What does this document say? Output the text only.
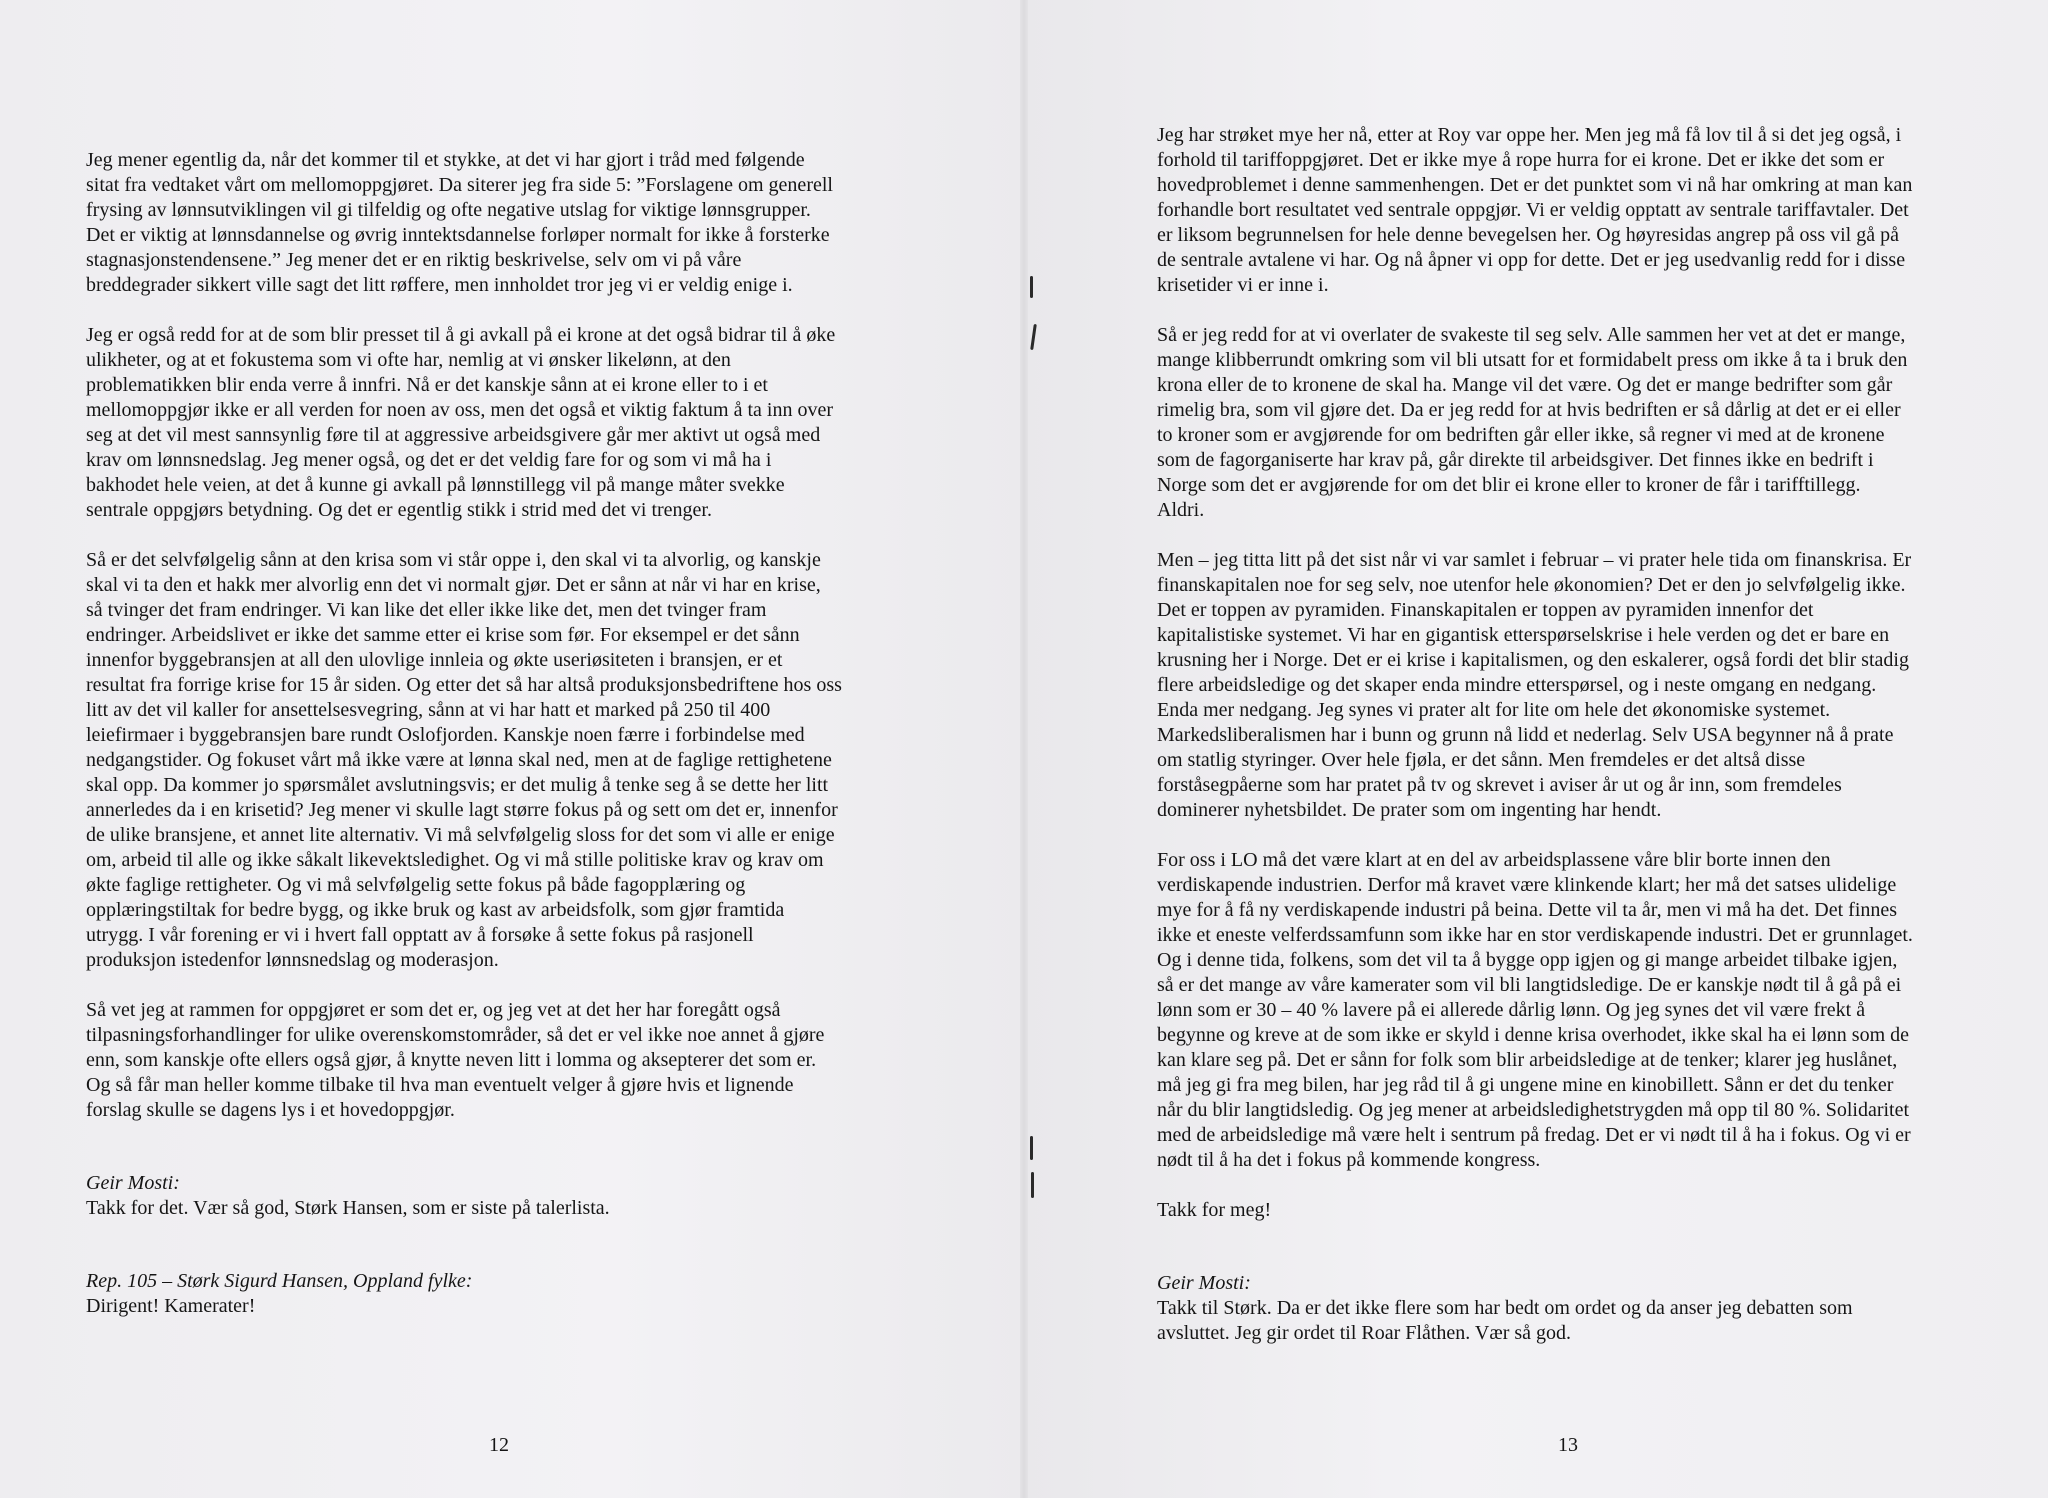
Jeg mener egentlig da, når det kommer til et stykke, at det vi har gjort i tråd med følgende
sitat fra vedtaket vårt om mellomoppgjøret. Da siterer jeg fra side 5: ”Forslagene om generell
frysing av lønnsutviklingen vil gi tilfeldig og ofte negative utslag for viktige lønnsgrupper.
Det er viktig at lønnsdannelse og øvrig inntektsdannelse forløper normalt for ikke å forsterke
stagnasjonstendensene.” Jeg mener det er en riktig beskrivelse, selv om vi på våre
breddegrader sikkert ville sagt det litt røffere, men innholdet tror jeg vi er veldig enige i.
Jeg er også redd for at de som blir presset til å gi avkall på ei krone at det også bidrar til å øke
ulikheter, og at et fokustema som vi ofte har, nemlig at vi ønsker likelønn, at den
problematikken blir enda verre å innfri. Nå er det kanskje sånn at ei krone eller to i et
mellomoppgjør ikke er all verden for noen av oss, men det også et viktig faktum å ta inn over
seg at det vil mest sannsynlig føre til at aggressive arbeidsgivere går mer aktivt ut også med
krav om lønnsnedslag. Jeg mener også, og det er det veldig fare for og som vi må ha i
bakhodet hele veien, at det å kunne gi avkall på lønnstillegg vil på mange måter svekke
sentrale oppgjørs betydning. Og det er egentlig stikk i strid med det vi trenger.
Så er det selvfølgelig sånn at den krisa som vi står oppe i, den skal vi ta alvorlig, og kanskje
skal vi ta den et hakk mer alvorlig enn det vi normalt gjør. Det er sånn at når vi har en krise,
så tvinger det fram endringer. Vi kan like det eller ikke like det, men det tvinger fram
endringer. Arbeidslivet er ikke det samme etter ei krise som før. For eksempel er det sånn
innenfor byggebransjen at all den ulovlige innleia og økte useriøsiteten i bransjen, er et
resultat fra forrige krise for 15 år siden. Og etter det så har altså produksjonsbedriftene hos oss
litt av det vil kaller for ansettelsesvegring, sånn at vi har hatt et marked på 250 til 400
leiefirmaer i byggebransjen bare rundt Oslofjorden. Kanskje noen færre i forbindelse med
nedgangstider. Og fokuset vårt må ikke være at lønna skal ned, men at de faglige rettighetene
skal opp. Da kommer jo spørsmålet avslutningsvis; er det mulig å tenke seg å se dette her litt
annerledes da i en krisetid? Jeg mener vi skulle lagt større fokus på og sett om det er, innenfor
de ulike bransjene, et annet lite alternativ. Vi må selvfølgelig sloss for det som vi alle er enige
om, arbeid til alle og ikke såkalt likevektsledighet. Og vi må stille politiske krav og krav om
økte faglige rettigheter. Og vi må selvfølgelig sette fokus på både fagopplæring og
opplæringstiltak for bedre bygg, og ikke bruk og kast av arbeidsfolk, som gjør framtida
utrygg. I vår forening er vi i hvert fall opptatt av å forsøke å sette fokus på rasjonell
produksjon istedenfor lønnsnedslag og moderasjon.
Så vet jeg at rammen for oppgjøret er som det er, og jeg vet at det her har foregått også
tilpasningsforhandlinger for ulike overenskomstområder, så det er vel ikke noe annet å gjøre
enn, som kanskje ofte ellers også gjør, å knytte neven litt i lomma og aksepterer det som er.
Og så får man heller komme tilbake til hva man eventuelt velger å gjøre hvis et lignende
forslag skulle se dagens lys i et hovedoppgjør.
Geir Mosti:
Takk for det. Vær så god, Størk Hansen, som er siste på talerlista.
Rep. 105 – Størk Sigurd Hansen, Oppland fylke:
Dirigent! Kamerater!
12
Jeg har strøket mye her nå, etter at Roy var oppe her. Men jeg må få lov til å si det jeg også, i
forhold til tariffoppgjøret. Det er ikke mye å rope hurra for ei krone. Det er ikke det som er
hovedproblemet i denne sammenhengen. Det er det punktet som vi nå har omkring at man kan
forhandle bort resultatet ved sentrale oppgjør. Vi er veldig opptatt av sentrale tariffavtaler. Det
er liksom begrunnelsen for hele denne bevegelsen her. Og høyresidas angrep på oss vil gå på
de sentrale avtalene vi har. Og nå åpner vi opp for dette. Det er jeg usedvanlig redd for i disse
krisetider vi er inne i.
Så er jeg redd for at vi overlater de svakeste til seg selv. Alle sammen her vet at det er mange,
mange klibberrundt omkring som vil bli utsatt for et formidabelt press om ikke å ta i bruk den
krona eller de to kronene de skal ha. Mange vil det være. Og det er mange bedrifter som går
rimelig bra, som vil gjøre det. Da er jeg redd for at hvis bedriften er så dårlig at det er ei eller
to kroner som er avgjørende for om bedriften går eller ikke, så regner vi med at de kronene
som de fagorganiserte har krav på, går direkte til arbeidsgiver. Det finnes ikke en bedrift i
Norge som det er avgjørende for om det blir ei krone eller to kroner de får i tarifftillegg.
Aldri.
Men – jeg titta litt på det sist når vi var samlet i februar – vi prater hele tida om finanskrisa. Er
finanskapitalen noe for seg selv, noe utenfor hele økonomien? Det er den jo selvfølgelig ikke.
Det er toppen av pyramiden. Finanskapitalen er toppen av pyramiden innenfor det
kapitalistiske systemet. Vi har en gigantisk etterspørselskrise i hele verden og det er bare en
krusning her i Norge. Det er ei krise i kapitalismen, og den eskalerer, også fordi det blir stadig
flere arbeidsledige og det skaper enda mindre etterspørsel, og i neste omgang en nedgang.
Enda mer nedgang. Jeg synes vi prater alt for lite om hele det økonomiske systemet.
Markedsliberalismen har i bunn og grunn nå lidd et nederlag. Selv USA begynner nå å prate
om statlig styringer. Over hele fjøla, er det sånn. Men fremdeles er det altså disse
forståsegpåerne som har pratet på tv og skrevet i aviser år ut og år inn, som fremdeles
dominerer nyhetsbildet. De prater som om ingenting har hendt.
For oss i LO må det være klart at en del av arbeidsplassene våre blir borte innen den
verdiskapende industrien. Derfor må kravet være klinkende klart; her må det satses ulidelige
mye for å få ny verdiskapende industri på beina. Dette vil ta år, men vi må ha det. Det finnes
ikke et eneste velferdssamfunn som ikke har en stor verdiskapende industri. Det er grunnlaget.
Og i denne tida, folkens, som det vil ta å bygge opp igjen og gi mange arbeidet tilbake igjen,
så er det mange av våre kamerater som vil bli langtidsledige. De er kanskje nødt til å gå på ei
lønn som er 30 – 40 % lavere på ei allerede dårlig lønn. Og jeg synes det vil være frekt å
begynne og kreve at de som ikke er skyld i denne krisa overhodet, ikke skal ha ei lønn som de
kan klare seg på. Det er sånn for folk som blir arbeidsledige at de tenker; klarer jeg huslånet,
må jeg gi fra meg bilen, har jeg råd til å gi ungene mine en kinobillett. Sånn er det du tenker
når du blir langtidsledig. Og jeg mener at arbeidsledighetstrygden må opp til 80 %. Solidaritet
med de arbeidsledige må være helt i sentrum på fredag. Det er vi nødt til å ha i fokus. Og vi er
nødt til å ha det i fokus på kommende kongress.
Takk for meg!
Geir Mosti:
Takk til Størk. Da er det ikke flere som har bedt om ordet og da anser jeg debatten som
avsluttet. Jeg gir ordet til Roar Flåthen. Vær så god.
13
